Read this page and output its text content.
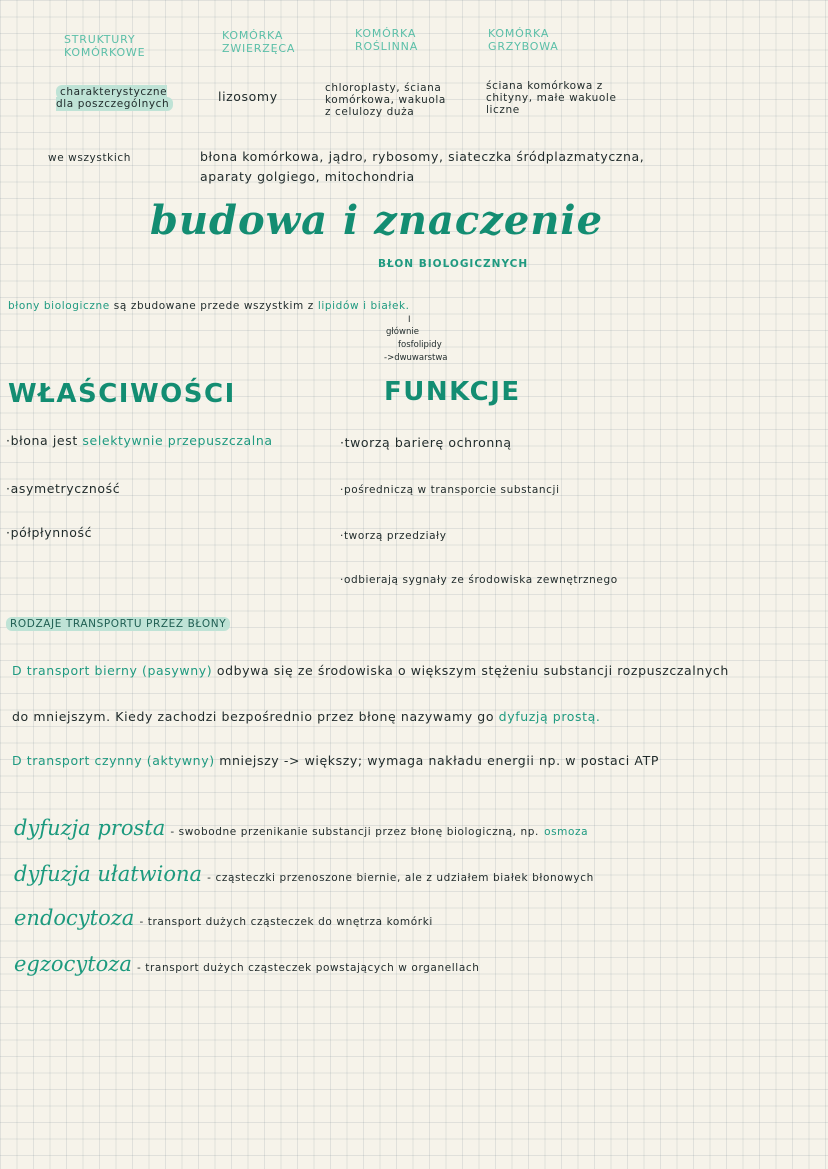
STRUKTURY KOMÓRKOWE
KOMÓRKA ZWIERZĘCA
KOMÓRKA ROŚLINNA
KOMÓRKA GRZYBOWA
charakterystyczne dla poszczególnych
lizosomy
chloroplasty, ściana komórkowa, wakuola z celulozy duża
ściana komórkowa z chityny, małe wakuole liczne
we wszystkich	błona komórkowa, jądro, rybosomy, siateczka śródplazmatyczna,
aparaty golgiego, mitochondria
budowa i znaczenie
BŁON BIOLOGICZNYCH
błony biologiczne są zbudowane przede wszystkim z lipidów i białek.
I
głównie
fosfolipidy
->dwuwarstwa
WŁAŚCIWOŚCI
·błona jest selektywnie przepuszczalna
·asymetryczność
·półpłynność
FUNKCJE
·tworzą barierę ochronną
·pośredniczą w transporcie substancji
·tworzą przedziały
·odbierają sygnały ze środowiska zewnętrznego
RODZAJE TRANSPORTU PRZEZ BŁONY
D transport bierny (pasywny) odbywa się ze środowiska o większym stężeniu substancji rozpuszczalnych
do mniejszym. Kiedy zachodzi bezpośrednio przez błonę nazywamy go dyfuzją prostą.
D transport czynny (aktywny) mniejszy -> większy; wymaga nakładu energii np. w postaci ATP
dyfuzja prosta - swobodne przenikanie substancji przez błonę biologiczną, np. osmoza
dyfuzja ułatwiona - cząsteczki przenoszone biernie, ale z udziałem białek błonowych
endocytoza - transport dużych cząsteczek do wnętrza komórki
egzocytoza - transport dużych cząsteczek powstających w organellach
